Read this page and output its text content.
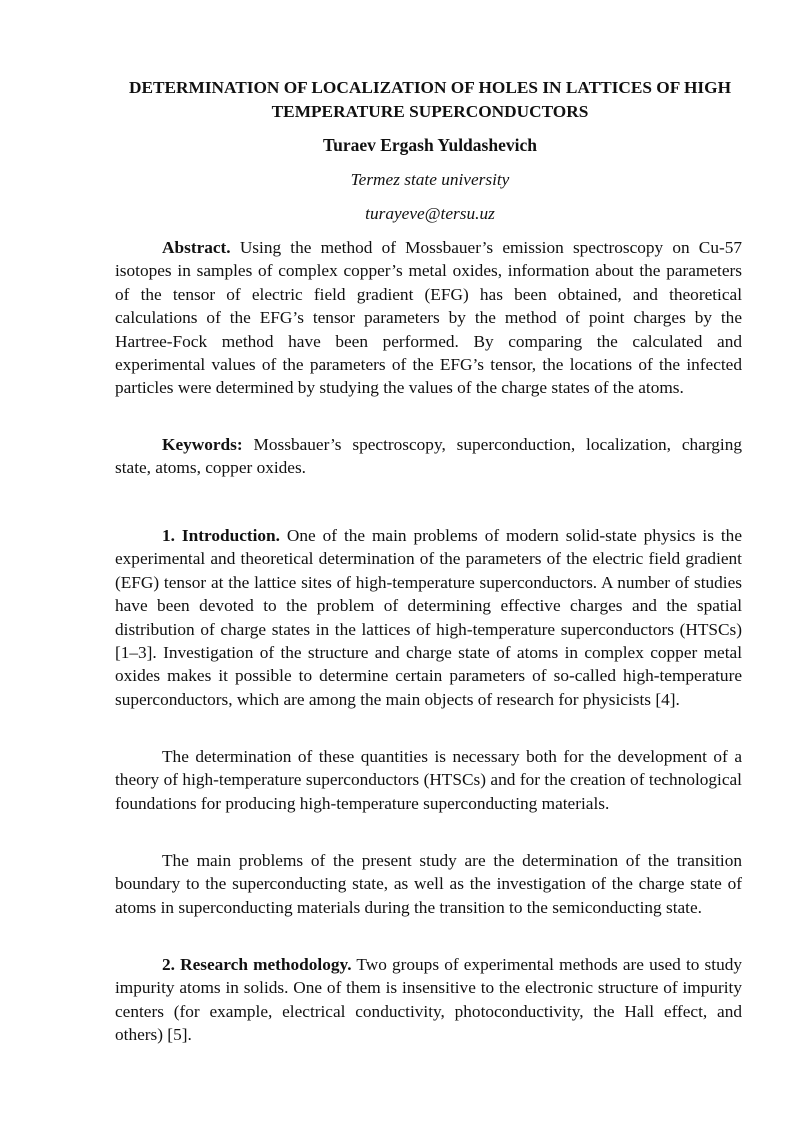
DETERMINATION OF LOCALIZATION OF HOLES IN LATTICES OF HIGH TEMPERATURE SUPERCONDUCTORS
Turaev Ergash Yuldashevich
Termez state university
turayeve@tersu.uz

Abstract. Using the method of Mossbauer’s emission spectroscopy on Cu-57 isotopes in samples of complex copper’s metal oxides, information about the parameters of the tensor of electric field gradient (EFG) has been obtained, and theoretical calculations of the EFG’s tensor parameters by the method of point charges by the Hartree-Fock method have been performed. By comparing the calculated and experimental values of the parameters of the EFG’s tensor, the locations of the infected particles were determined by studying the values of the charge states of the atoms.

Keywords: Mossbauer’s spectroscopy, superconduction, localization, charging state, atoms, copper oxides.

1. Introduction. One of the main problems of modern solid-state physics is the experimental and theoretical determination of the parameters of the electric field gradient (EFG) tensor at the lattice sites of high-temperature superconductors. A number of studies have been devoted to the problem of determining effective charges and the spatial distribution of charge states in the lattices of high-temperature superconductors (HTSCs) [1–3]. Investigation of the structure and charge state of atoms in complex copper metal oxides makes it possible to determine certain parameters of so-called high-temperature superconductors, which are among the main objects of research for physicists [4].

The determination of these quantities is necessary both for the development of a theory of high-temperature superconductors (HTSCs) and for the creation of technological foundations for producing high-temperature superconducting materials.

The main problems of the present study are the determination of the transition boundary to the superconducting state, as well as the investigation of the charge state of atoms in superconducting materials during the transition to the semiconducting state.

2. Research methodology. Two groups of experimental methods are used to study impurity atoms in solids. One of them is insensitive to the electronic structure of impurity centers (for example, electrical conductivity, photoconductivity, the Hall effect, and others) [5].
